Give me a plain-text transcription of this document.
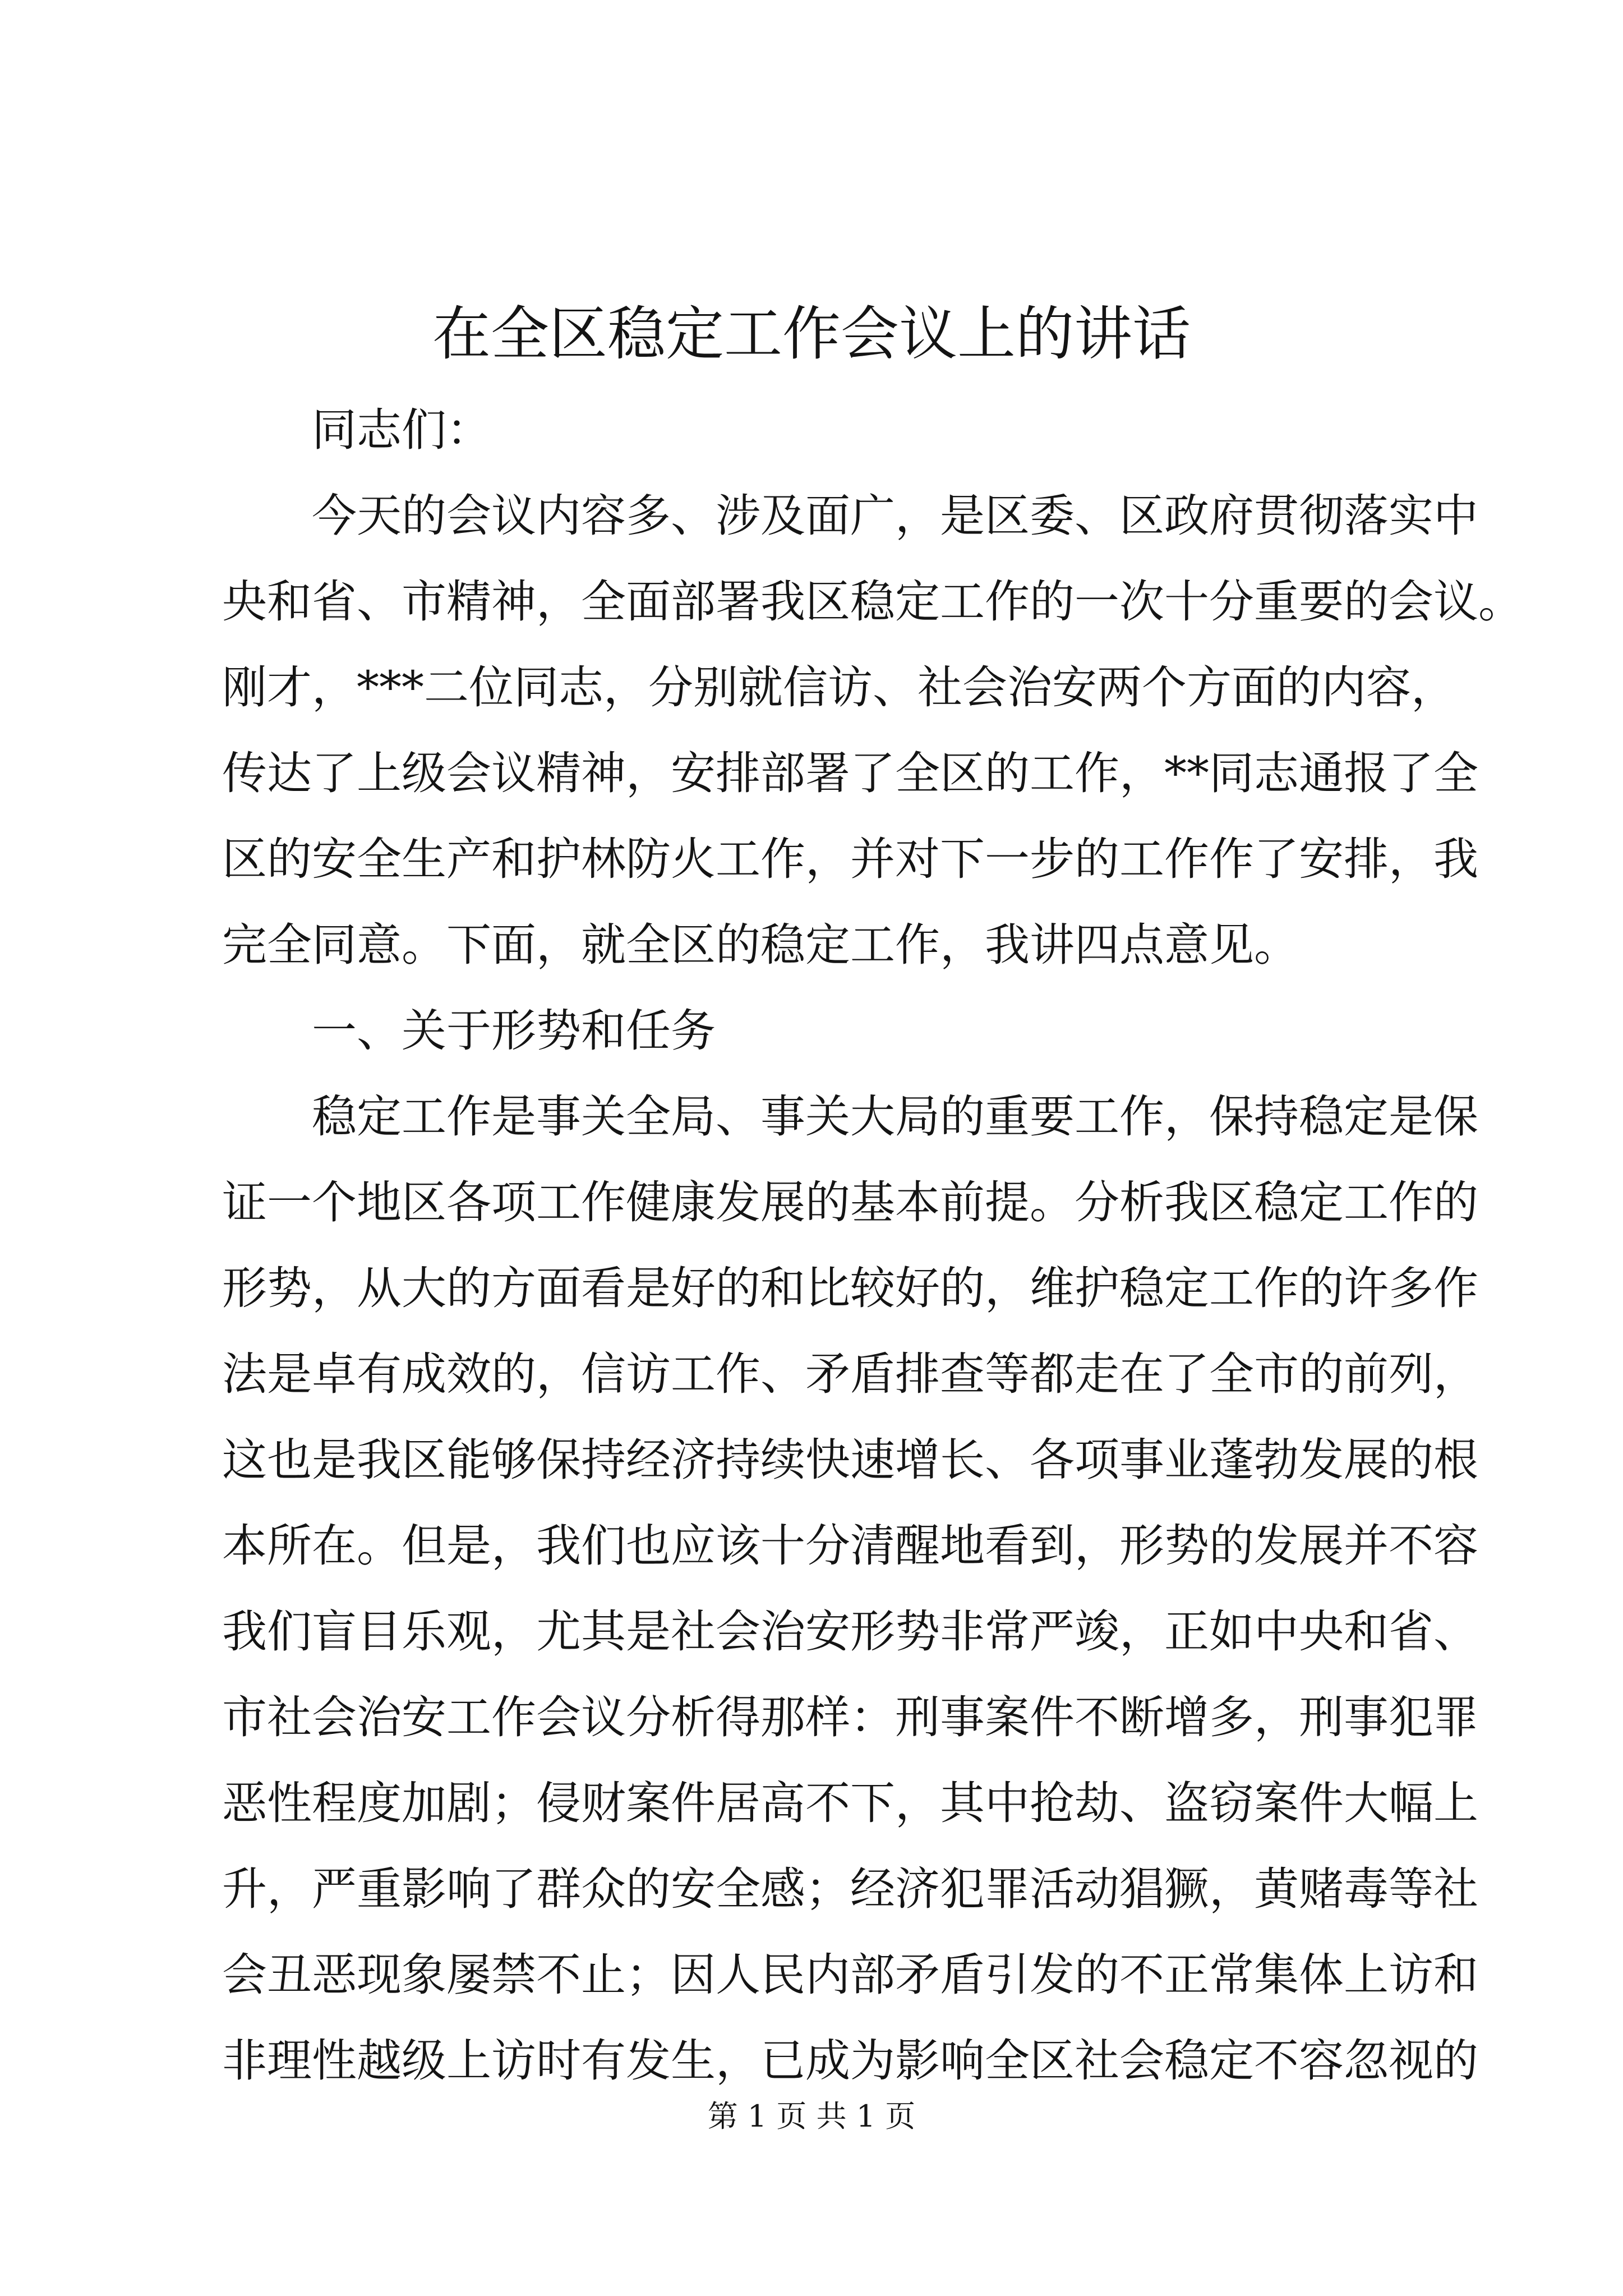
在全区稳定工作会议上的讲话
同志们：
今天的会议内容多、涉及面广，是区委、区政府贯彻落实中
央和省、市精神，全面部署我区稳定工作的一次十分重要的会议。
刚才，***二位同志，分别就信访、社会治安两个方面的内容，
传达了上级会议精神，安排部署了全区的工作，**同志通报了全
区的安全生产和护林防火工作，并对下一步的工作作了安排，我
完全同意。下面，就全区的稳定工作，我讲四点意见。
一、关于形势和任务
稳定工作是事关全局、事关大局的重要工作，保持稳定是保
证一个地区各项工作健康发展的基本前提。分析我区稳定工作的
形势，从大的方面看是好的和比较好的，维护稳定工作的许多作
法是卓有成效的，信访工作、矛盾排查等都走在了全市的前列，
这也是我区能够保持经济持续快速增长、各项事业蓬勃发展的根
本所在。但是，我们也应该十分清醒地看到，形势的发展并不容
我们盲目乐观，尤其是社会治安形势非常严竣，正如中央和省、
市社会治安工作会议分析得那样：刑事案件不断增多，刑事犯罪
恶性程度加剧；侵财案件居高不下，其中抢劫、盗窃案件大幅上
升，严重影响了群众的安全感；经济犯罪活动猖獗，黄赌毒等社
会丑恶现象屡禁不止；因人民内部矛盾引发的不正常集体上访和
非理性越级上访时有发生，已成为影响全区社会稳定不容忽视的
第 1 页 共 1 页
